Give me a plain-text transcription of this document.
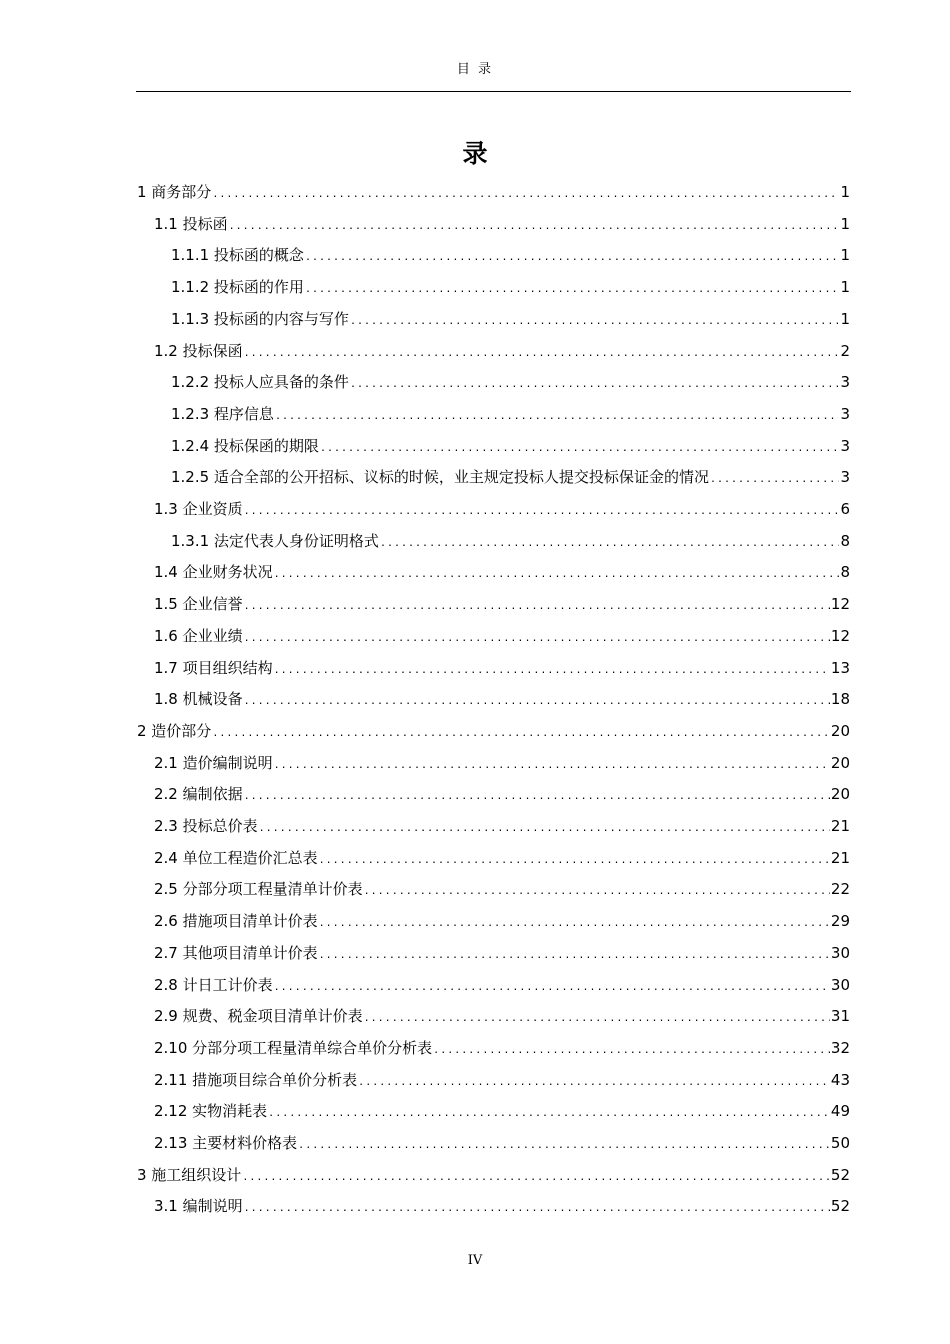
目 录
录
1 商务部分 .....	1
1.1 投标函 .....	1
1.1.1 投标函的概念 .....	1
1.1.2 投标函的作用 .....	1
1.1.3 投标函的内容与写作 .....	1
1.2 投标保函 .....	2
1.2.2 投标人应具备的条件 .....	3
1.2.3 程序信息 .....	3
1.2.4 投标保函的期限 .....	3
1.2.5 适合全部的公开招标、议标的时候，业主规定投标人提交投标保证金的情况 .....	3
1.3 企业资质 .....	6
1.3.1 法定代表人身份证明格式 .....	8
1.4 企业财务状况 .....	8
1.5 企业信誉 .....	12
1.6 企业业绩 .....	12
1.7 项目组织结构 .....	13
1.8 机械设备 .....	18
2 造价部分 .....	20
2.1 造价编制说明 .....	20
2.2 编制依据 .....	20
2.3 投标总价表 .....	21
2.4 单位工程造价汇总表 .....	21
2.5 分部分项工程量清单计价表 .....	22
2.6 措施项目清单计价表 .....	29
2.7 其他项目清单计价表 .....	30
2.8 计日工计价表 .....	30
2.9 规费、税金项目清单计价表 .....	31
2.10 分部分项工程量清单综合单价分析表 .....	32
2.11 措施项目综合单价分析表 .....	43
2.12 实物消耗表 .....	49
2.13 主要材料价格表 .....	50
3 施工组织设计 .....	52
3.1 编制说明 .....	52
IV
